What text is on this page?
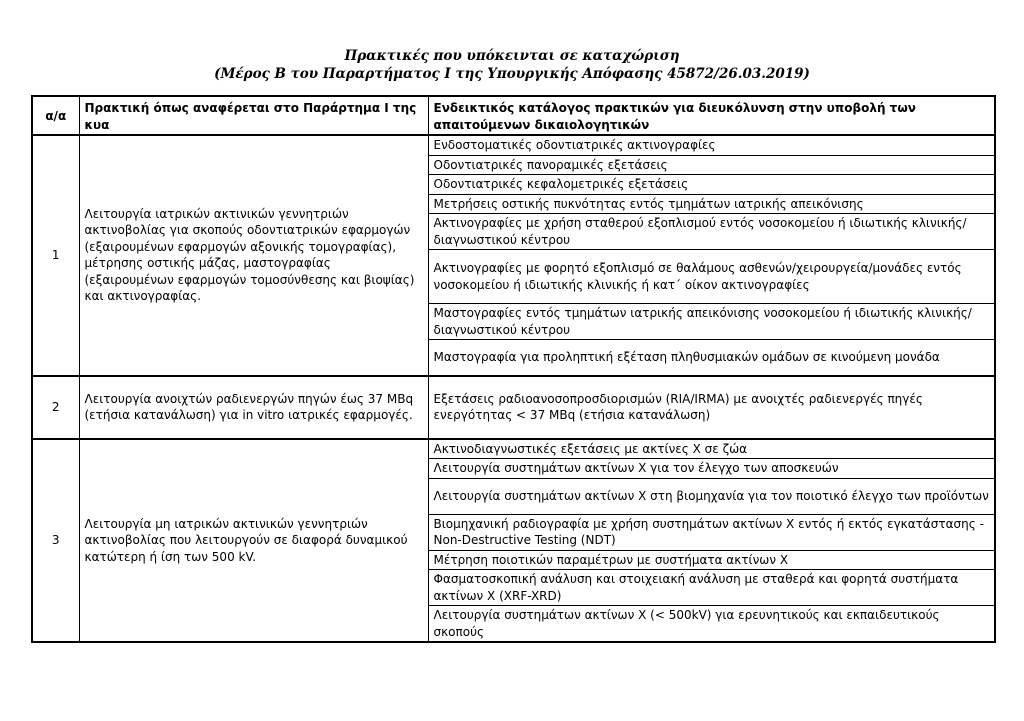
Πρακτικές που υπόκεινται σε καταχώριση
(Μέρος Β του Παραρτήματος Ι της Υπουργικής Απόφασης 45872/26.03.2019)
α/α	Πρακτική όπως αναφέρεται στο Παράρτημα Ι της κυα	Ενδεικτικός κατάλογος πρακτικών για διευκόλυνση στην υποβολή των απαιτούμενων δικαιολογητικών
1	Λειτουργία ιατρικών ακτινικών γεννητριών ακτινοβολίας για σκοπούς οδοντιατρικών εφαρμογών (εξαιρουμένων εφαρμογών αξονικής τομογραφίας), μέτρησης οστικής μάζας, μαστογραφίας (εξαιρουμένων εφαρμογών τομοσύνθεσης και βιοψίας) και ακτινογραφίας.	Ενδοστοματικές οδοντιατρικές ακτινογραφίες
		Οδοντιατρικές πανοραμικές εξετάσεις
		Οδοντιατρικές κεφαλομετρικές εξετάσεις
		Μετρήσεις οστικής πυκνότητας εντός τμημάτων ιατρικής απεικόνισης
		Ακτινογραφίες με χρήση σταθερού εξοπλισμού εντός νοσοκομείου ή ιδιωτικής κλινικής/διαγνωστικού κέντρου
		Ακτινογραφίες με φορητό εξοπλισμό σε θαλάμους ασθενών/χειρουργεία/μονάδες εντός νοσοκομείου ή ιδιωτικής κλινικής ή κατ΄ οίκον ακτινογραφίες
		Μαστογραφίες εντός τμημάτων ιατρικής απεικόνισης νοσοκομείου ή ιδιωτικής κλινικής/διαγνωστικού κέντρου
		Μαστογραφία για προληπτική εξέταση πληθυσμιακών ομάδων σε κινούμενη μονάδα
2	Λειτουργία ανοιχτών ραδιενεργών πηγών έως 37 MBq (ετήσια κατανάλωση) για in vitro ιατρικές εφαρμογές.	Εξετάσεις ραδιοανοσοπροσδιορισμών (RIA/IRMA) με ανοιχτές ραδιενεργές πηγές ενεργότητας < 37 MBq (ετήσια κατανάλωση)
3	Λειτουργία μη ιατρικών ακτινικών γεννητριών ακτινοβολίας που λειτουργούν σε διαφορά δυναμικού κατώτερη ή ίση των 500 kV.	Ακτινοδιαγνωστικές εξετάσεις με ακτίνες Χ σε ζώα
		Λειτουργία συστημάτων ακτίνων Χ για τον έλεγχο των αποσκευών
		Λειτουργία συστημάτων ακτίνων Χ στη βιομηχανία για τον ποιοτικό έλεγχο των προϊόντων
		Βιομηχανική ραδιογραφία με χρήση συστημάτων ακτίνων Χ εντός ή εκτός εγκατάστασης - Non-Destructive Testing (NDT)
		Μέτρηση ποιοτικών παραμέτρων με συστήματα ακτίνων Χ
		Φασματοσκοπική ανάλυση και στοιχειακή ανάλυση με σταθερά και φορητά συστήματα ακτίνων Χ (XRF-XRD)
		Λειτουργία συστημάτων ακτίνων Χ (< 500kV) για ερευνητικούς και εκπαιδευτικούς σκοπούς
